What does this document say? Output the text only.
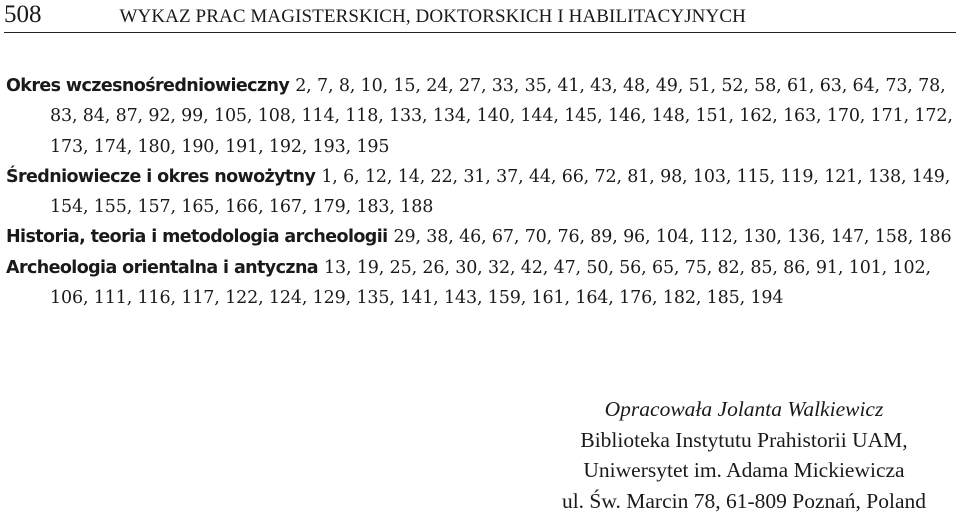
508	WYKAZ PRAC MAGISTERSKICH, DOKTORSKICH I HABILITACYJNYCH

Okres wczesnośredniowieczny 2, 7, 8, 10, 15, 24, 27, 33, 35, 41, 43, 48, 49, 51, 52, 58, 61, 63, 64, 73, 78, 83, 84, 87, 92, 99, 105, 108, 114, 118, 133, 134, 140, 144, 145, 146, 148, 151, 162, 163, 170, 171, 172, 173, 174, 180, 190, 191, 192, 193, 195

Średniowiecze i okres nowożytny 1, 6, 12, 14, 22, 31, 37, 44, 66, 72, 81, 98, 103, 115, 119, 121, 138, 149, 154, 155, 157, 165, 166, 167, 179, 183, 188

Historia, teoria i metodologia archeologii 29, 38, 46, 67, 70, 76, 89, 96, 104, 112, 130, 136, 147, 158, 186

Archeologia orientalna i antyczna 13, 19, 25, 26, 30, 32, 42, 47, 50, 56, 65, 75, 82, 85, 86, 91, 101, 102, 106, 111, 116, 117, 122, 124, 129, 135, 141, 143, 159, 161, 164, 176, 182, 185, 194

Opracowała Jolanta Walkiewicz

Biblioteka Instytutu Prahistorii UAM,

Uniwersytet im. Adama Mickiewicza

ul. Św. Marcin 78, 61-809 Poznań, Poland
